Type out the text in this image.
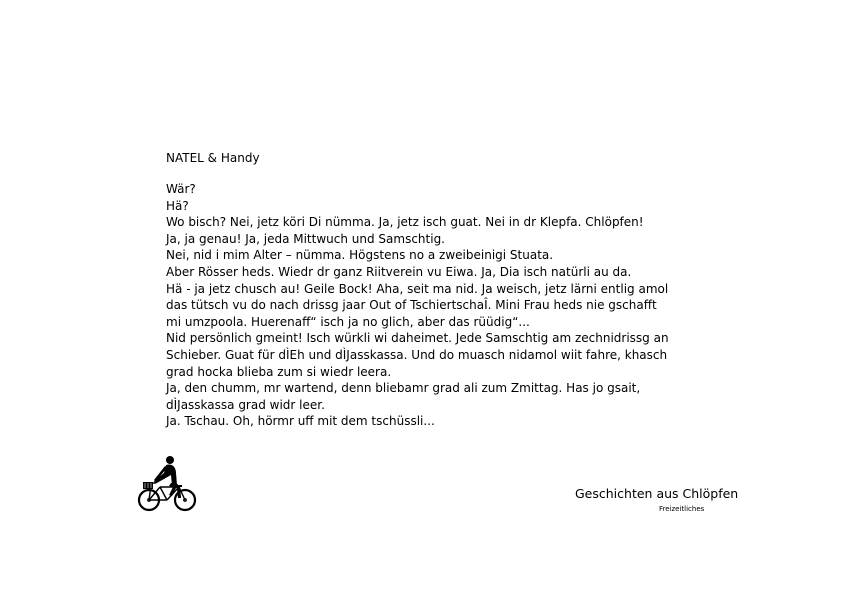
NATEL & Handy
Wär?
Hä?
Wo bisch? Nei, jetz köri Di nümma. Ja, jetz isch guat. Nei in dr Klepfa. Chlöpfen!
Ja, ja genau! Ja, jeda Mittwuch und Samschtig.
Nei, nid i mim Alter – nümma. Högstens no a zweibeinigi Stuata.
Aber Rösser heds. Wiedr dr ganz Riitverein vu Eiwa. Ja, Dia isch natürli au da.
Hä - ja jetz chusch au! Geile Bock! Aha, seit ma nid. Ja weisch, jetz lärni entlig amol
das tütsch vu do nach drissg jaar Out of TschiertschaÎ. Mini Frau heds nie gschafft
mi umzpoola. Huerenaff“ isch ja no glich, aber das rüüdig“...
Nid persönlich gmeint! Isch würkli wi daheimet. Jede Samschtig am zechnidrissg an
Schieber. Guat für dÌEh und dÌJasskassa. Und do muasch nidamol wiit fahre, khasch
grad hocka blieba zum si wiedr leera.
Ja, den chumm, mr wartend, denn bliebamr grad ali zum Zmittag. Has jo gsait,
dÌJasskassa grad widr leer.
Ja. Tschau. Oh, hörmr uff mit dem tschüssli...
Geschichten aus Chlöpfen
Freizeitliches
